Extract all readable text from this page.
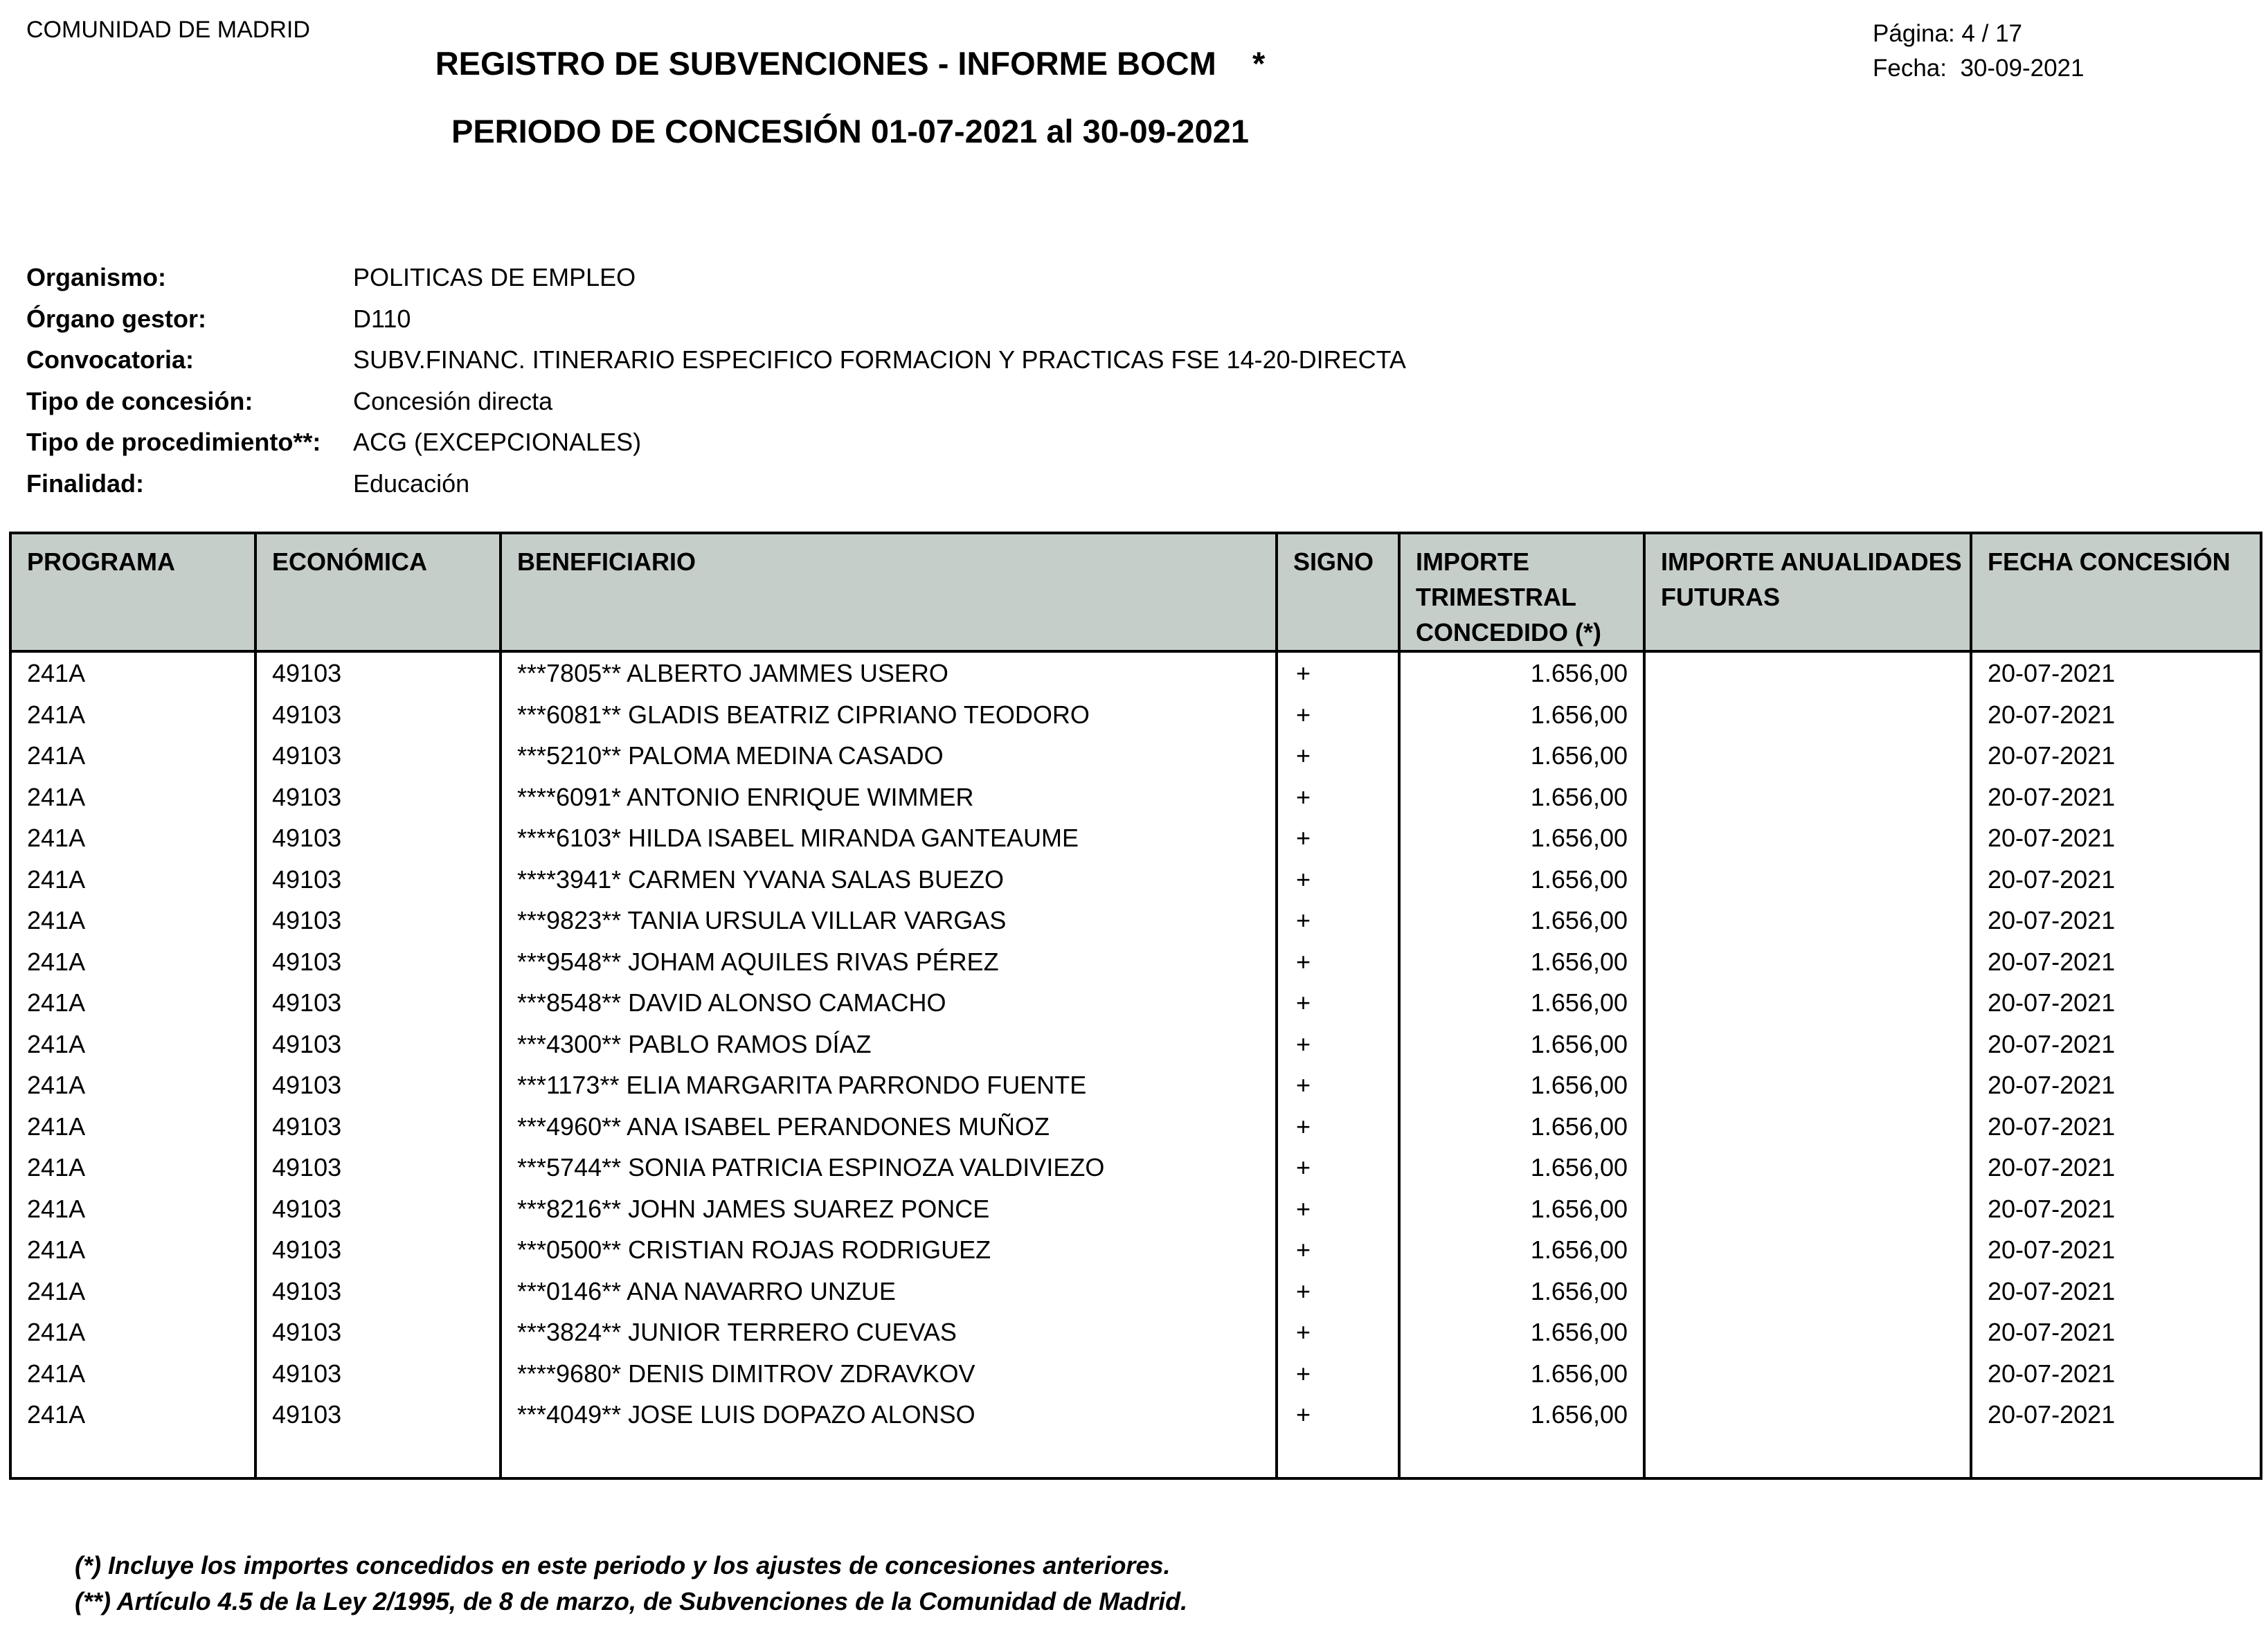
COMUNIDAD DE MADRID
REGISTRO DE SUBVENCIONES - INFORME BOCM    *
PERIODO DE CONCESIÓN 01-07-2021 al 30-09-2021
Página: 4 / 17
Fecha:  30-09-2021
Organismo:	POLITICAS DE EMPLEO
Órgano gestor:	D110
Convocatoria:	SUBV.FINANC. ITINERARIO ESPECIFICO FORMACION Y PRACTICAS FSE 14-20-DIRECTA
Tipo de concesión:	Concesión directa
Tipo de procedimiento**: ACG (EXCEPCIONALES)
Finalidad:	Educación
PROGRAMA	ECONÓMICA	BENEFICIARIO	SIGNO	IMPORTE TRIMESTRAL CONCEDIDO (*)	IMPORTE ANUALIDADES FUTURAS	FECHA CONCESIÓN
241A	49103	***7805** ALBERTO JAMMES USERO	+	1.656,00		20-07-2021
241A	49103	***6081** GLADIS BEATRIZ CIPRIANO TEODORO	+	1.656,00		20-07-2021
241A	49103	***5210** PALOMA MEDINA CASADO	+	1.656,00		20-07-2021
241A	49103	****6091* ANTONIO ENRIQUE WIMMER	+	1.656,00		20-07-2021
241A	49103	****6103* HILDA ISABEL MIRANDA GANTEAUME	+	1.656,00		20-07-2021
241A	49103	****3941* CARMEN YVANA SALAS BUEZO	+	1.656,00		20-07-2021
241A	49103	***9823** TANIA URSULA VILLAR VARGAS	+	1.656,00		20-07-2021
241A	49103	***9548** JOHAM AQUILES RIVAS PÉREZ	+	1.656,00		20-07-2021
241A	49103	***8548** DAVID ALONSO CAMACHO	+	1.656,00		20-07-2021
241A	49103	***4300** PABLO RAMOS DÍAZ	+	1.656,00		20-07-2021
241A	49103	***1173** ELIA MARGARITA PARRONDO FUENTE	+	1.656,00		20-07-2021
241A	49103	***4960** ANA ISABEL PERANDONES MUÑOZ	+	1.656,00		20-07-2021
241A	49103	***5744** SONIA PATRICIA ESPINOZA VALDIVIEZO	+	1.656,00		20-07-2021
241A	49103	***8216** JOHN JAMES SUAREZ PONCE	+	1.656,00		20-07-2021
241A	49103	***0500** CRISTIAN ROJAS RODRIGUEZ	+	1.656,00		20-07-2021
241A	49103	***0146** ANA NAVARRO UNZUE	+	1.656,00		20-07-2021
241A	49103	***3824** JUNIOR TERRERO CUEVAS	+	1.656,00		20-07-2021
241A	49103	****9680* DENIS DIMITROV ZDRAVKOV	+	1.656,00		20-07-2021
241A	49103	***4049** JOSE LUIS DOPAZO ALONSO	+	1.656,00		20-07-2021

(*) Incluye los importes concedidos en este periodo y los ajustes de concesiones anteriores.
(**) Artículo 4.5 de la Ley 2/1995, de 8 de marzo, de Subvenciones de la Comunidad de Madrid.
